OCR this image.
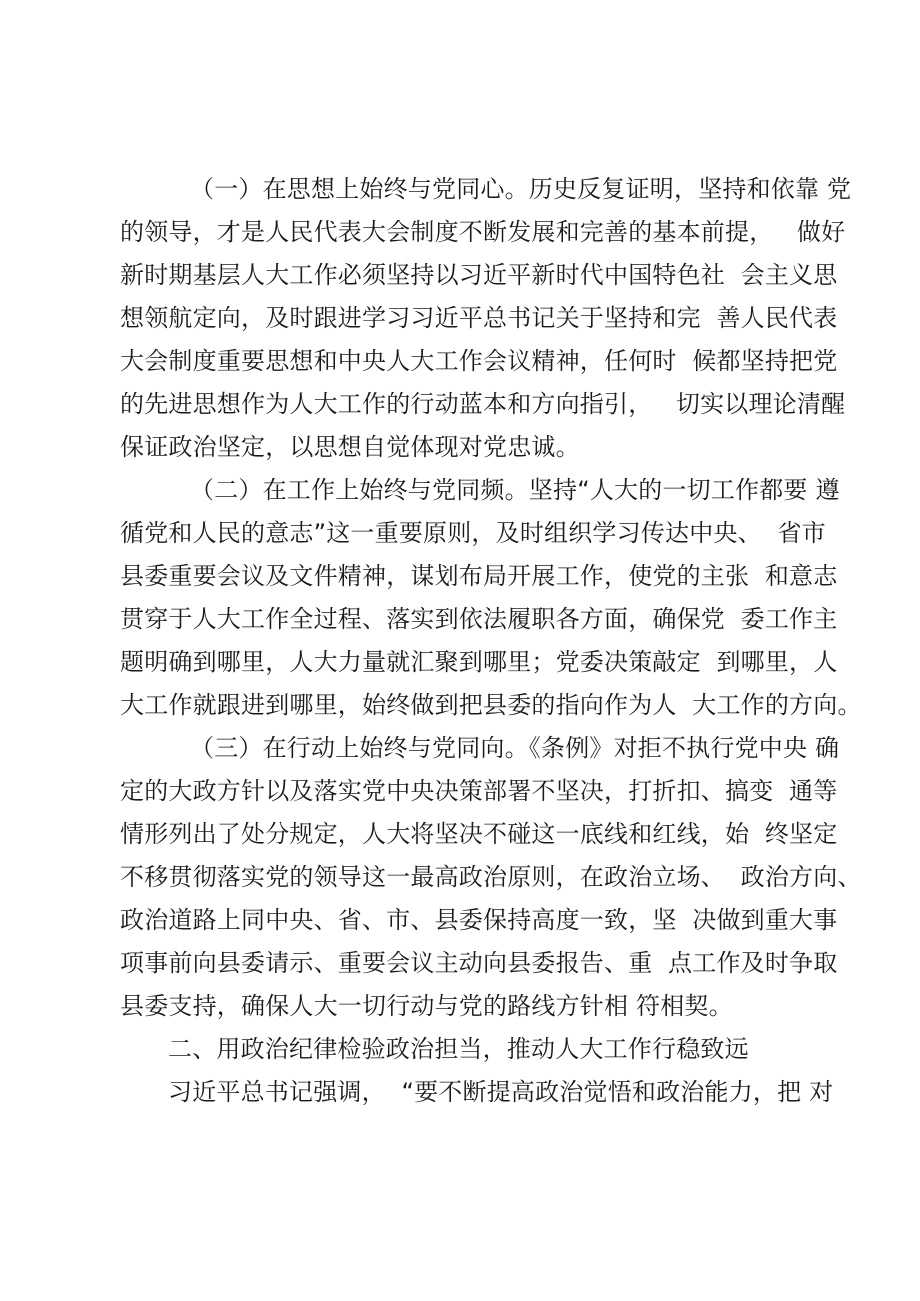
（一）在思想上始终与党同心。历史反复证明，坚持和依靠 党
的领导，才是人民代表大会制度不断发展和完善的基本前提，   做好
新时期基层人大工作必须坚持以习近平新时代中国特色社  会主义思
想领航定向，及时跟进学习习近平总书记关于坚持和完  善人民代表
大会制度重要思想和中央人大工作会议精神，任何时  候都坚持把党
的先进思想作为人大工作的行动蓝本和方向指引，   切实以理论清醒
保证政治坚定，以思想自觉体现对党忠诚。
（二）在工作上始终与党同频。坚持“人大的一切工作都要 遵
循党和人民的意志”这一重要原则，及时组织学习传达中央、  省市
县委重要会议及文件精神，谋划布局开展工作，使党的主张  和意志
贯穿于人大工作全过程、落实到依法履职各方面，确保党  委工作主
题明确到哪里，人大力量就汇聚到哪里；党委决策敲定  到哪里，人
大工作就跟进到哪里，始终做到把县委的指向作为人  大工作的方向。
（三）在行动上始终与党同向。《条例》对拒不执行党中央 确
定的大政方针以及落实党中央决策部署不坚决，打折扣、搞变  通等
情形列出了处分规定，人大将坚决不碰这一底线和红线，始  终坚定
不移贯彻落实党的领导这一最高政治原则，在政治立场、  政治方向、
政治道路上同中央、省、市、县委保持高度一致，坚  决做到重大事
项事前向县委请示、重要会议主动向县委报告、重  点工作及时争取
县委支持，确保人大一切行动与党的路线方针相 符相契。
二、用政治纪律检验政治担当，推动人大工作行稳致远
习近平总书记强调，  “要不断提高政治觉悟和政治能力，把 对
